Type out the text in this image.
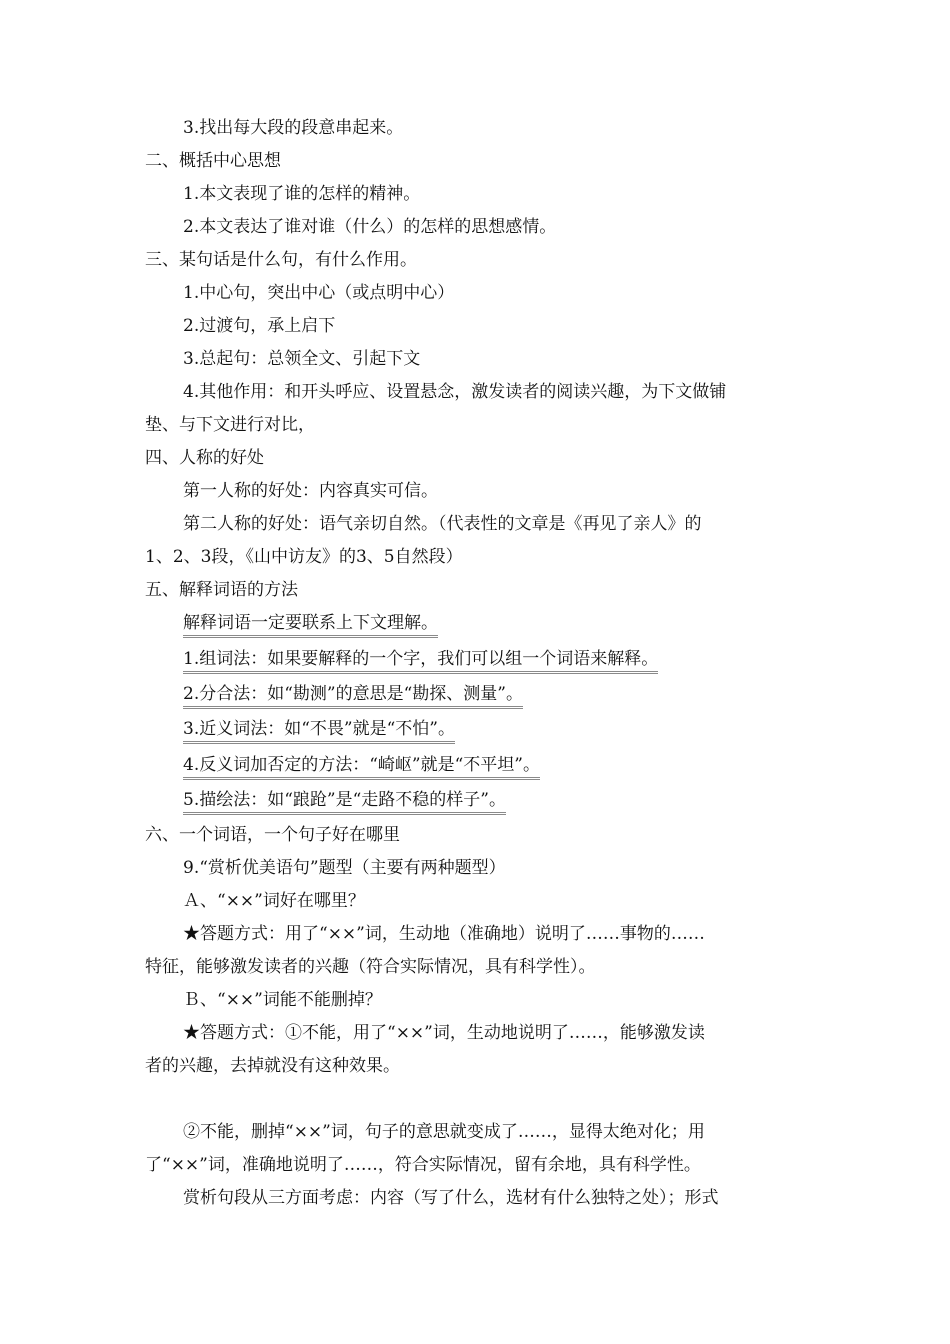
3.找出每大段的段意串起来。
二、概括中心思想
1.本文表现了谁的怎样的精神。
2.本文表达了谁对谁（什么）的怎样的思想感情。
三、某句话是什么句，有什么作用。
1.中心句，突出中心（或点明中心）
2.过渡句，承上启下
3.总起句：总领全文、引起下文
4.其他作用：和开头呼应、设置悬念，激发读者的阅读兴趣，为下文做铺
垫、与下文进行对比，
四、人称的好处
第一人称的好处：内容真实可信。
第二人称的好处：语气亲切自然。（代表性的文章是《再见了亲人》的
1、2、3段，《山中访友》的3、5自然段）
五、解释词语的方法
解释词语一定要联系上下文理解。
1.组词法：如果要解释的一个字，我们可以组一个词语来解释。
2.分合法：如“勘测”的意思是“勘探、测量”。
3.近义词法：如“不畏”就是“不怕”。
4.反义词加否定的方法：“崎岖”就是“不平坦”。
5.描绘法：如“踉跄”是“走路不稳的样子”。
六、一个词语，一个句子好在哪里
9.“赏析优美语句”题型（主要有两种题型）
Ａ、“××”词好在哪里？
★答题方式：用了“××”词，生动地（准确地）说明了……事物的……
特征，能够激发读者的兴趣（符合实际情况，具有科学性）。
Ｂ、“××”词能不能删掉？
★答题方式：①不能，用了“××”词，生动地说明了……，能够激发读
者的兴趣，去掉就没有这种效果。
②不能，删掉“××”词，句子的意思就变成了……，显得太绝对化；用
了“××”词，准确地说明了……，符合实际情况，留有余地，具有科学性。
赏析句段从三方面考虑：内容（写了什么，选材有什么独特之处）；形式
